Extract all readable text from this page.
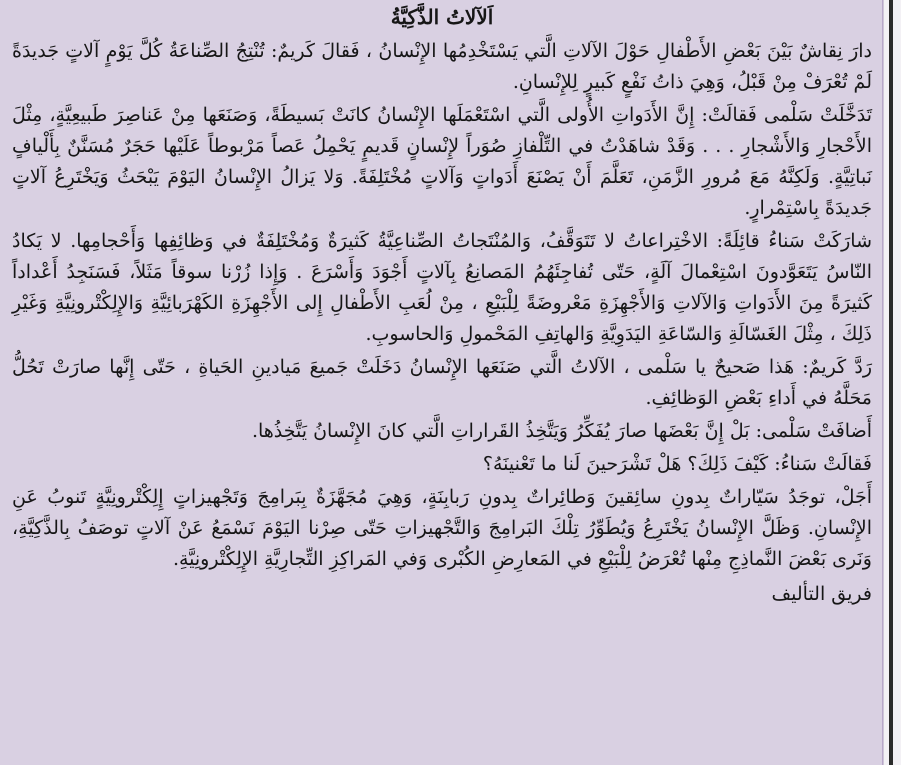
اَلآلاتُ الذَّكِيَّةُ

دارَ نِقاشٌ بَيْنَ بَعْضِ الأَطْفالِ حَوْلَ الآلاتِ الَّتي يَسْتَخْدِمُها الإِنْسانُ ، فَقالَ كَريمٌ: تُنْتِجُ الصِّناعَةُ كُلَّ يَوْمٍ آلاتٍ جَديدَةً لَمْ تُعْرَفْ مِنْ قَبْلُ، وَهِيَ ذاتُ نَفْعٍ كَبيرٍ لِلإِنْسانِ.

تَدَخَّلَتْ سَلْمى فَقالَتْ: إِنَّ الأَدَواتِ الأُولى الَّتي اسْتَعْمَلَها الإِنْسانُ كانَتْ بَسيطَةً، وَصَنَعَها مِنْ عَناصِرَ طَبيعِيَّةٍ، مِثْلَ الأَحْجارِ وَالأَشْجارِ . . . وَقَدْ شاهَدْتُ في التِّلْفازِ صُوَراً لإِنْسانٍ قَديمٍ يَحْمِلُ عَصاً مَرْبوطاً عَلَيْها حَجَرٌ مُسَنَّنٌ بِأَلْيافٍ نَباتِيَّةٍ. وَلَكِنَّهُ مَعَ مُرورِ الزَّمَنِ، تَعَلَّمَ أَنْ يَصْنَعَ أَدَواتٍ وَآلاتٍ مُخْتَلِفَةً. وَلا يَزالُ الإِنْسانُ اليَوْمَ يَبْحَثُ وَيَخْتَرِعُ آلاتٍ جَديدَةً بِاسْتِمْرارٍ.

شارَكَتْ سَناءُ قائِلَةً: الاخْتِراعاتُ لا تَتَوَقَّفُ، وَالمُنْتَجاتُ الصِّناعِيَّةُ كَثيرَةٌ وَمُخْتَلِفَةٌ في وَظائِفِها وَأَحْجامِها. لا يَكادُ النّاسُ يَتَعَوَّدونَ اسْتِعْمالَ آلَةٍ، حَتّى تُفاجِئَهُمُ المَصانِعُ بِآلاتٍ أَجْوَدَ وَأَسْرَعَ . وَإِذا زُرْنا سوقاً مَثَلاً، فَسَنَجِدُ أَعْداداً كَثيرَةً مِنَ الأَدَواتِ وَالآلاتِ وَالأَجْهِزَةِ مَعْروضَةً لِلْبَيْعِ ، مِنْ لُعَبِ الأَطْفالِ إِلى الأَجْهِزَةِ الكَهْرَبائِيَّةِ وَالإِلِكْتْرونِيَّةِ وَغَيْرِ ذَلِكَ ، مِثْلَ الغَسّالَةِ وَالسّاعَةِ اليَدَوِيَّةِ وَالهاتِفِ المَحْمولِ وَالحاسوبِ.

رَدَّ كَريمٌ: هَذا صَحيحٌ يا سَلْمى ، الآلاتُ الَّتي صَنَعَها الإِنْسانُ دَخَلَتْ جَميعَ مَيادينِ الحَياةِ ، حَتّى إِنَّها صارَتْ تَحُلُّ مَحَلَّهُ في أَداءِ بَعْضِ الوَظائِفِ.

أَضافَتْ سَلْمى: بَلْ إِنَّ بَعْضَها صارَ يُفَكِّرُ وَيَتَّخِذُ القَراراتِ الَّتي كانَ الإِنْسانُ يَتَّخِذُها.

فَقالَتْ سَناءُ: كَيْفَ ذَلِكَ؟ هَلْ تَشْرَحينَ لَنا ما تَعْنينَهُ؟

أَجَلْ، توجَدُ سَيّاراتٌ بِدونِ سائِقينَ وَطائِراتٌ بِدونِ رَبابِنَةٍ، وَهِيَ مُجَهَّزَةٌ بِبَرامِجَ وَتَجْهيزاتٍ إِلِكْتْرونِيَّةٍ تَنوبُ عَنِ الإِنْسانِ. وَظَلَّ الإِنْسانُ يَخْتَرِعُ وَيُطَوِّرُ تِلْكَ البَرامِجَ وَالتَّجْهيزاتِ حَتّى صِرْنا اليَوْمَ نَسْمَعُ عَنْ آلاتٍ توصَفُ بِالذَّكِيَّةِ، وَنَرى بَعْضَ النَّماذِجِ مِنْها تُعْرَضُ لِلْبَيْعِ في المَعارِضِ الكُبْرى وَفي المَراكِزِ التِّجارِيَّةِ الإِلِكْتْرونِيَّةِ.

فريق التأليف
